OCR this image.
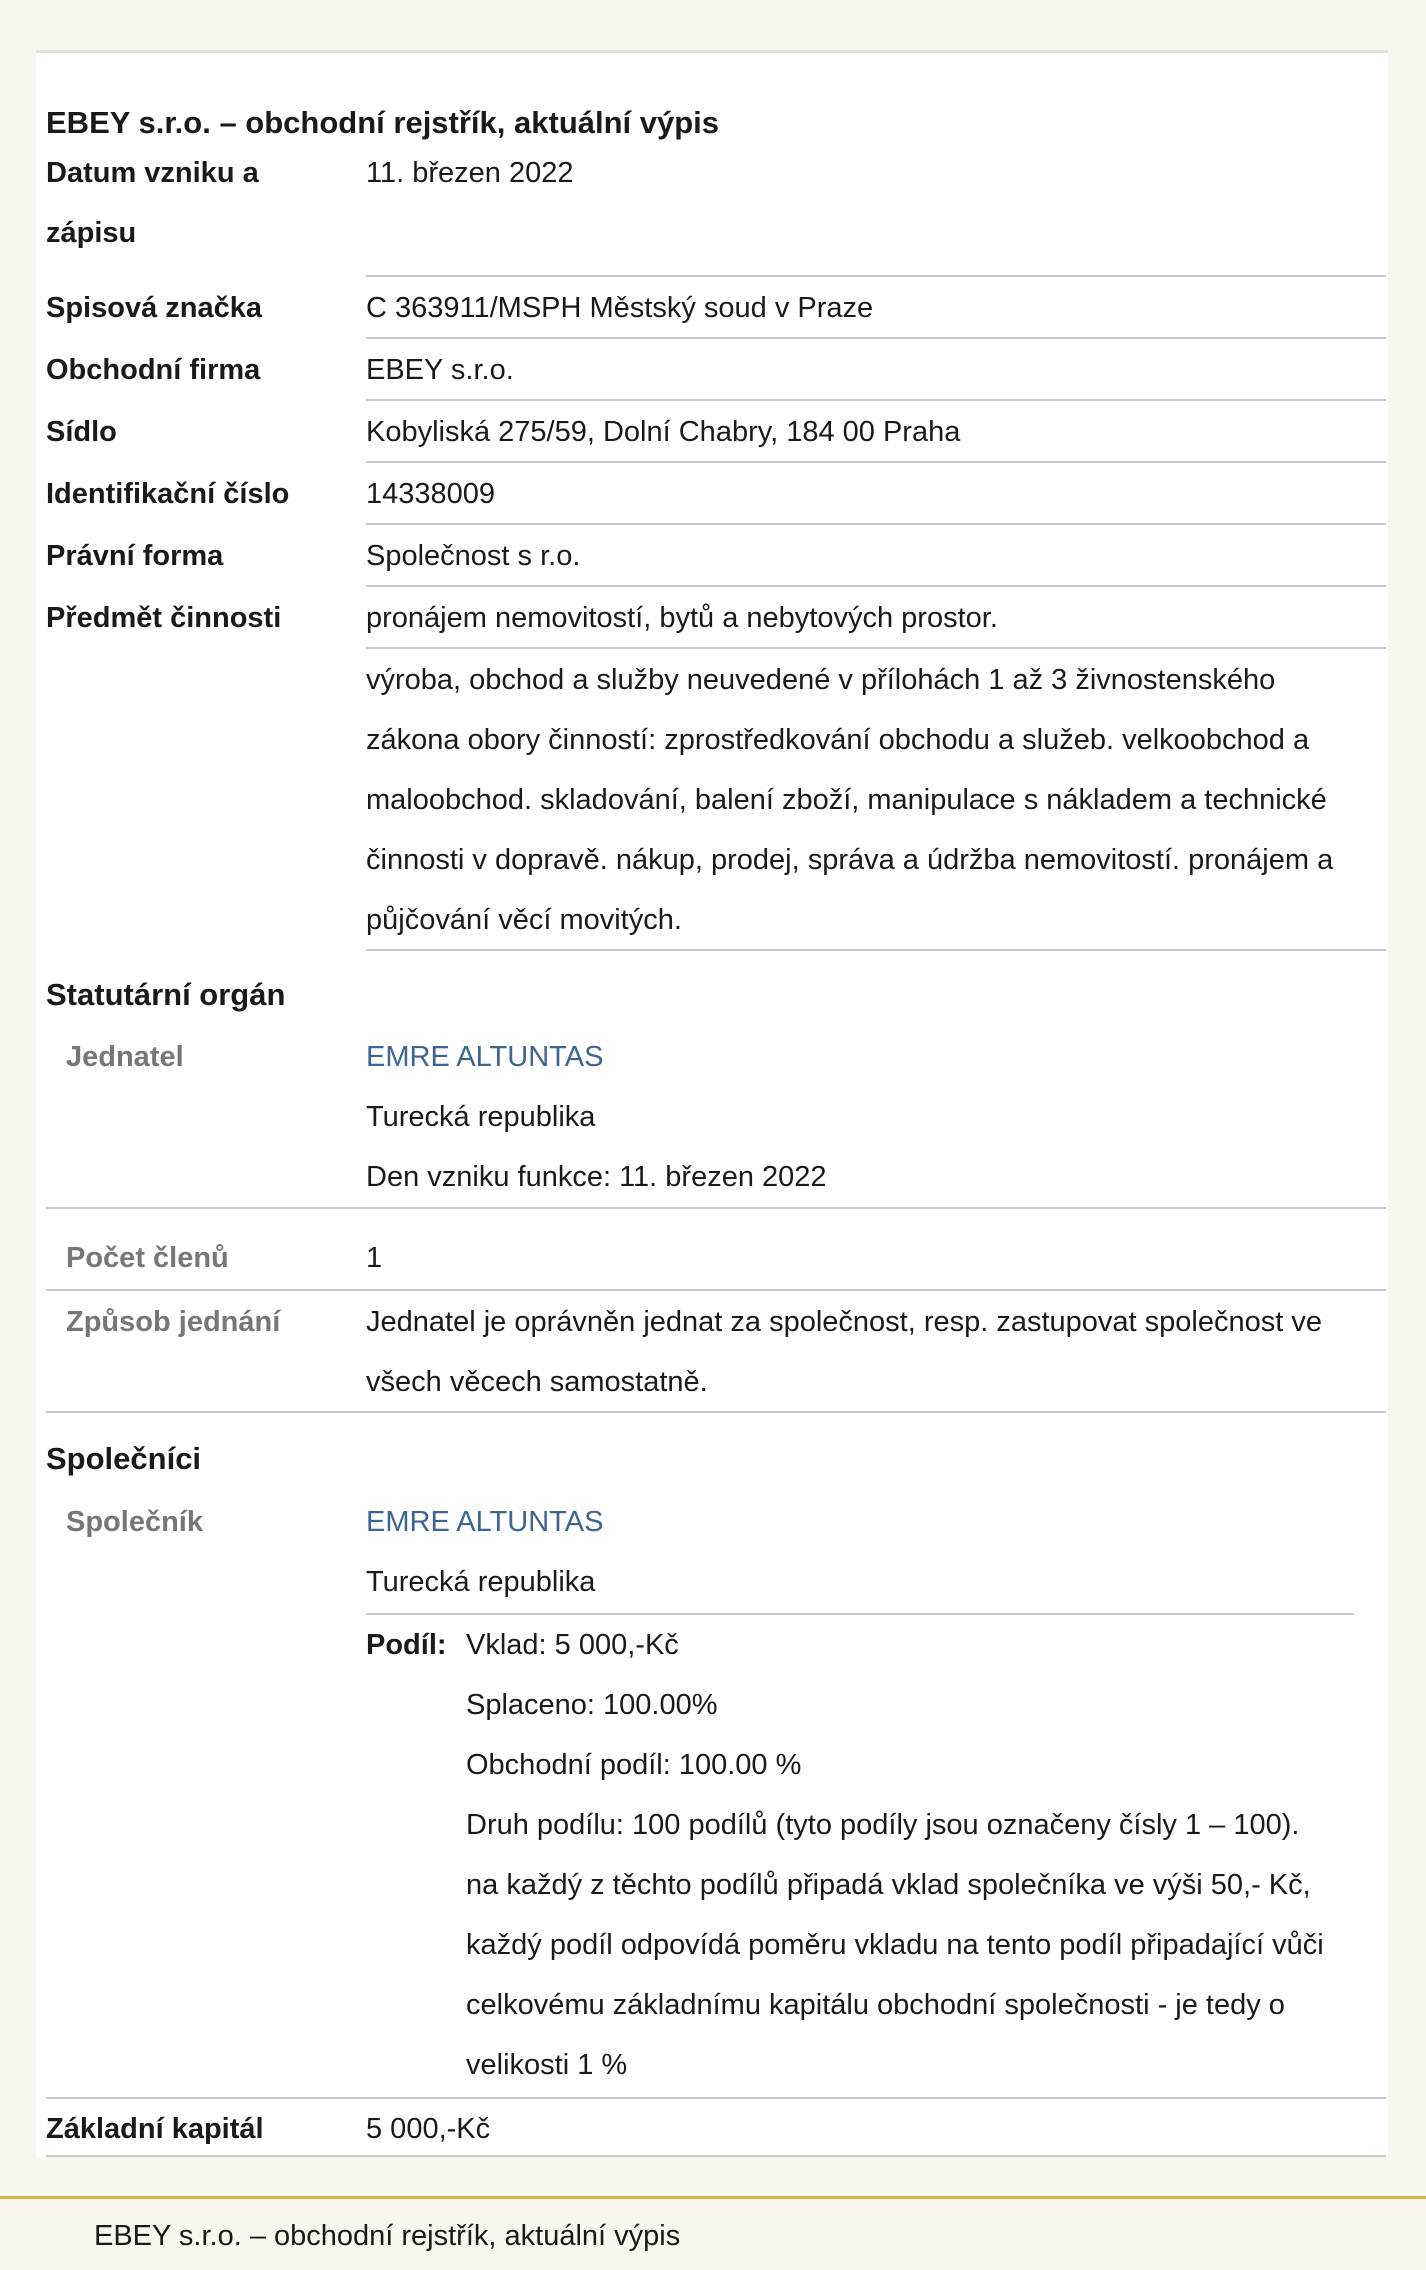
EBEY s.r.o. – obchodní rejstřík, aktuální výpis
Datum vzniku a
zápisu
11. březen 2022
Spisová značka	C 363911/MSPH Městský soud v Praze
Obchodní firma	EBEY s.r.o.
Sídlo	Kobyliská 275/59, Dolní Chabry, 184 00 Praha
Identifikační číslo	14338009
Právní forma	Společnost s r.o.
Předmět činnosti	pronájem nemovitostí, bytů a nebytových prostor.
výroba, obchod a služby neuvedené v přílohách 1 až 3 živnostenského
zákona obory činností: zprostředkování obchodu a služeb. velkoobchod a
maloobchod. skladování, balení zboží, manipulace s nákladem a technické
činnosti v dopravě. nákup, prodej, správa a údržba nemovitostí. pronájem a
půjčování věcí movitých.
Statutární orgán
Jednatel	EMRE ALTUNTAS
Turecká republika
Den vzniku funkce: 11. březen 2022
Počet členů	1
Způsob jednání	Jednatel je oprávněn jednat za společnost, resp. zastupovat společnost ve
všech věcech samostatně.
Společníci
Společník	EMRE ALTUNTAS
Turecká republika
Podíl: Vklad: 5 000,-Kč
Splaceno: 100.00%
Obchodní podíl: 100.00 %
Druh podílu: 100 podílů (tyto podíly jsou označeny čísly 1 – 100).
na každý z těchto podílů připadá vklad společníka ve výši 50,- Kč,
každý podíl odpovídá poměru vkladu na tento podíl připadající vůči
celkovému základnímu kapitálu obchodní společnosti - je tedy o
velikosti 1 %
Základní kapitál	5 000,-Kč
EBEY s.r.o. – obchodní rejstřík, aktuální výpis
